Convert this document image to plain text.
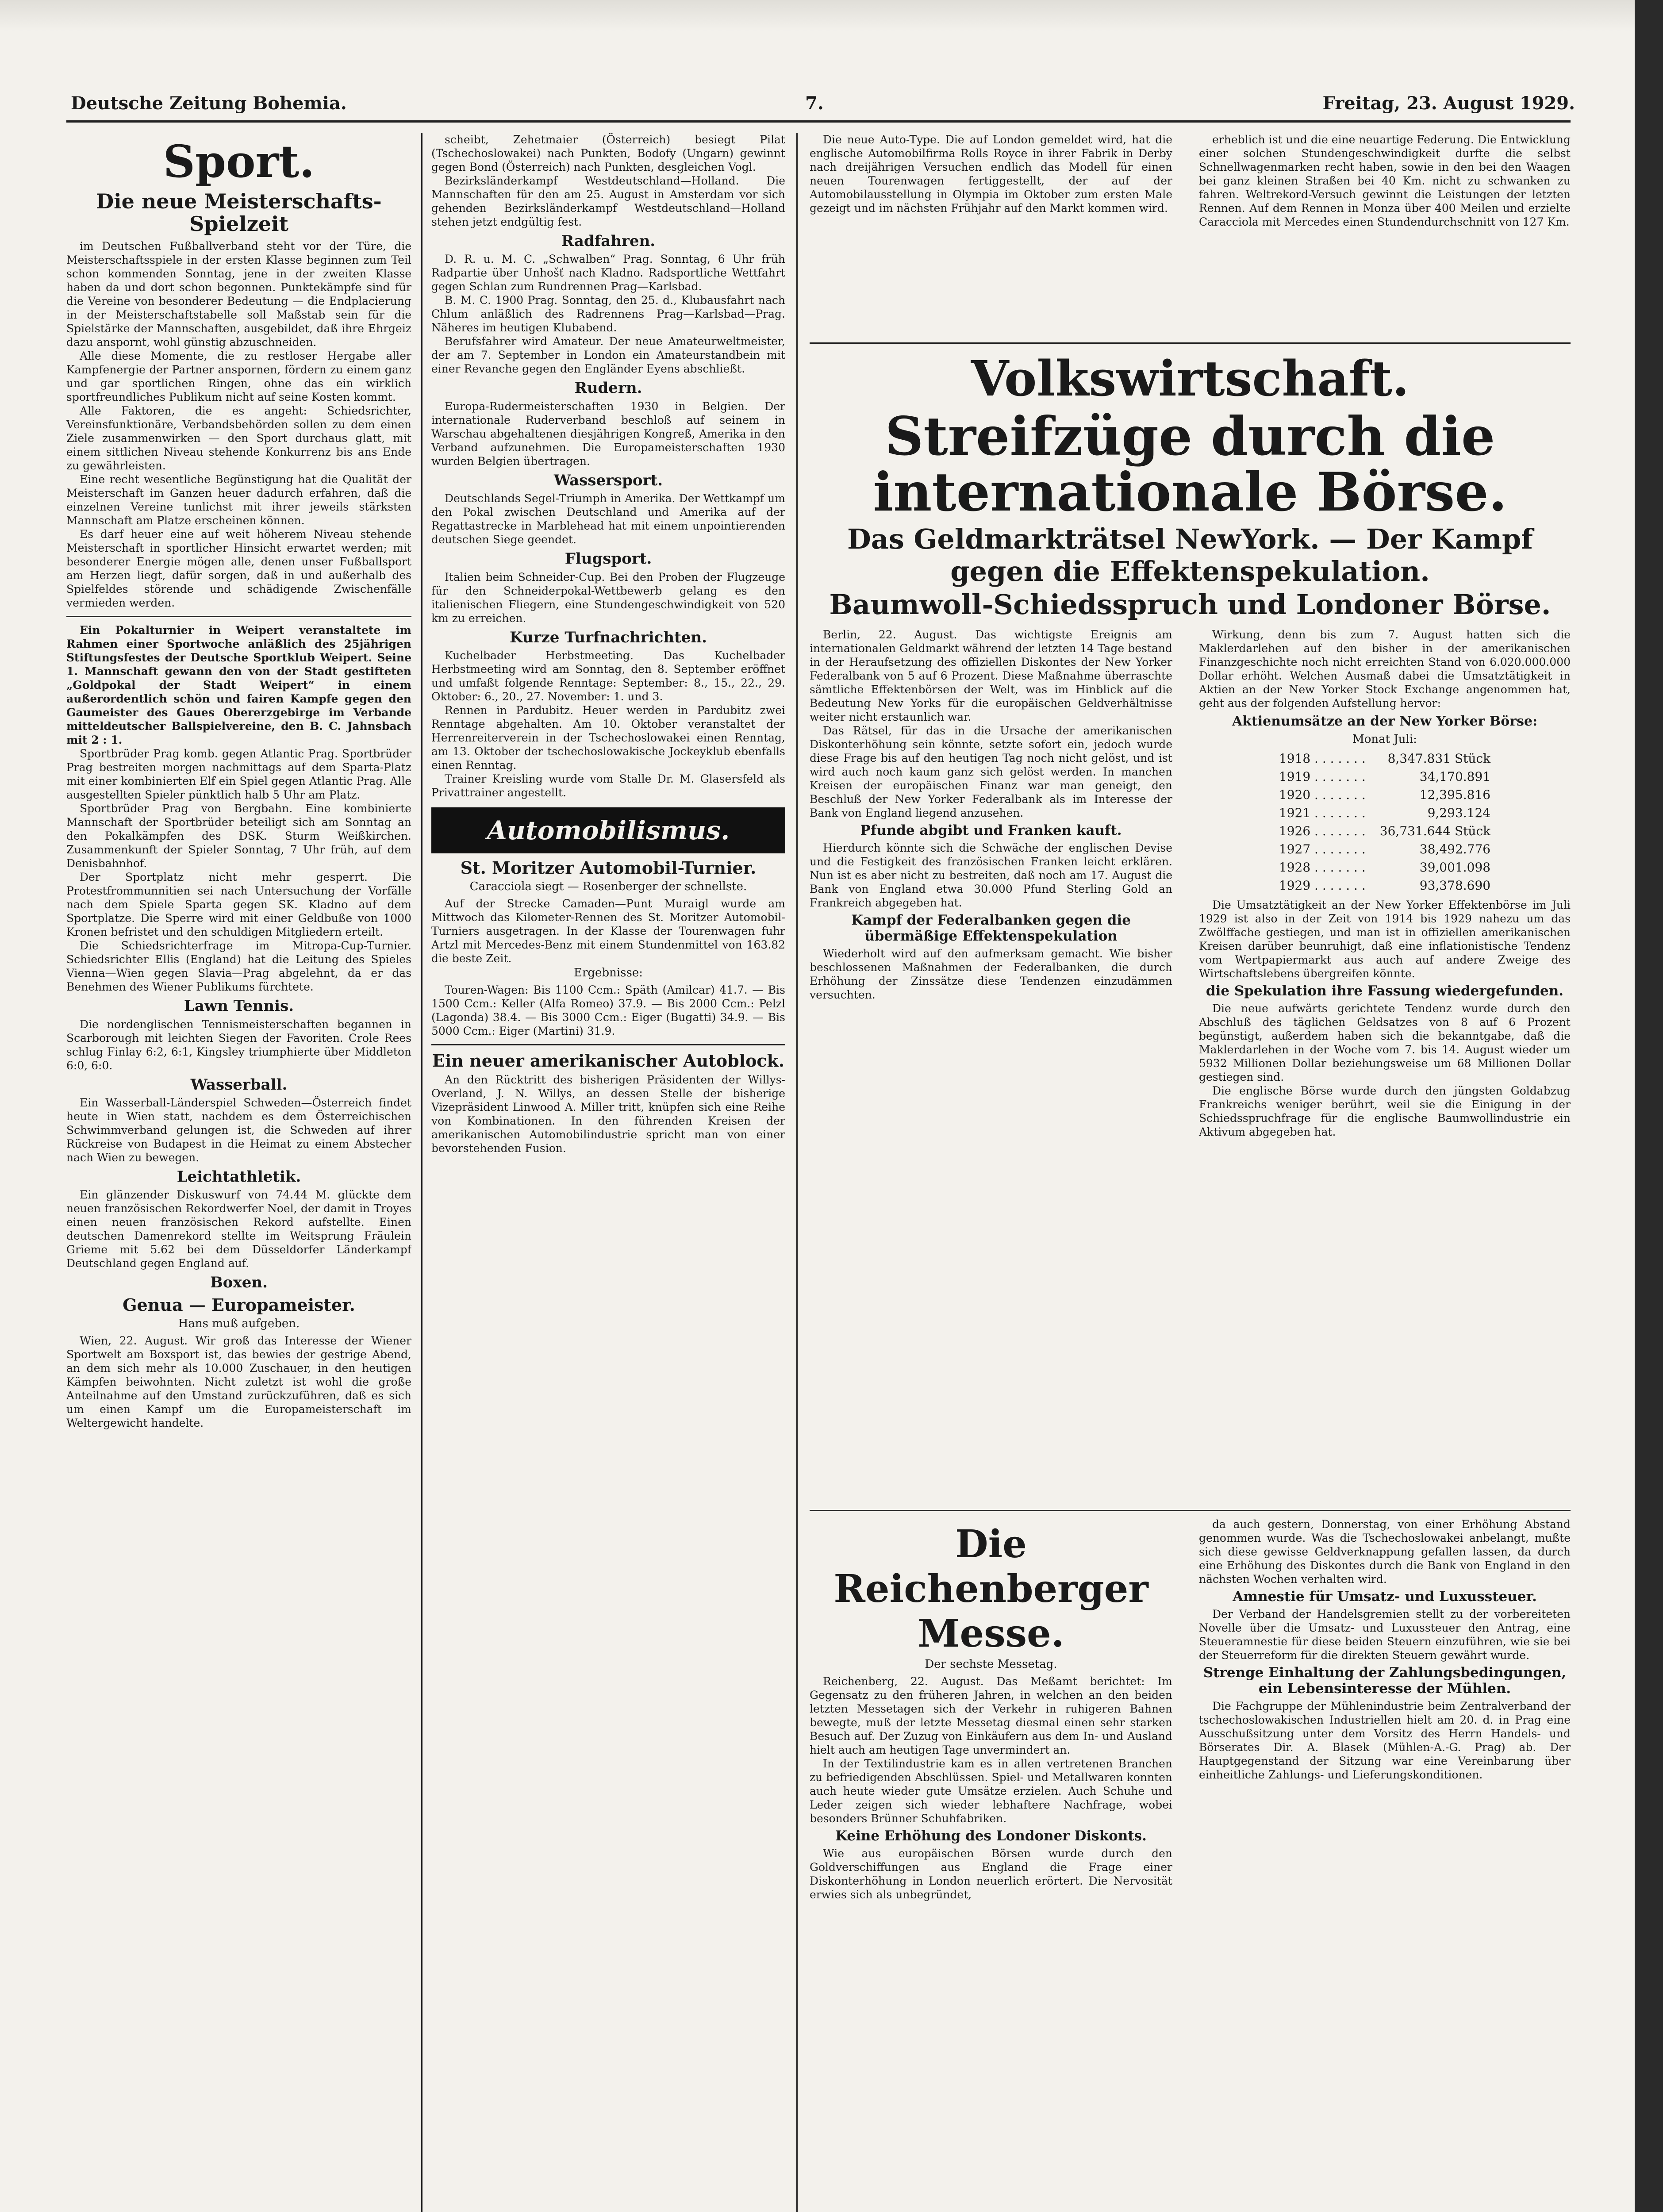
Deutsche Zeitung Bohemia.	7.	Freitag, 23. August 1929.
Sport.
Die neue Meisterschafts-Spielzeit

im Deutschen Fußballverband steht vor der Türe, die Meisterschaftsspiele in der ersten Klasse beginnen zum Teil schon kommenden Sonntag, jene in der zweiten Klasse haben da und dort schon begonnen. Punktekämpfe sind für die Vereine von besonderer Bedeutung — die Endplacierung in der Meisterschaftstabelle soll Maßstab sein für die Spielstärke der Mannschaften, ausgebildet, daß ihre Ehrgeiz dazu anspornt, wohl günstig abzuschneiden.

Alle diese Momente, die zu restloser Hergabe aller Kampfenergie der Partner anspornen, fördern zu einem ganz und gar sportlichen Ringen, ohne das ein wirklich sportfreundliches Publikum nicht auf seine Kosten kommt.

Alle Faktoren, die es angeht: Schiedsrichter, Vereinsfunktionäre, Verbandsbehörden sollen zu dem einen Ziele zusammenwirken — den Sport durchaus glatt, mit einem sittlichen Niveau stehende Konkurrenz bis ans Ende zu gewährleisten.

Eine recht wesentliche Begünstigung hat die Qualität der Meisterschaft im Ganzen heuer dadurch erfahren, daß die einzelnen Vereine tunlichst mit ihrer jeweils stärksten Mannschaft am Platze erscheinen können.

Es darf heuer eine auf weit höherem Niveau stehende Meisterschaft in sportlicher Hinsicht erwartet werden; mit besonderer Energie mögen alle, denen unser Fußballsport am Herzen liegt, dafür sorgen, daß in und außerhalb des Spielfeldes störende und schädigende Zwischenfälle vermieden werden.

Ein Pokalturnier in Weipert veranstaltete im Rahmen einer Sportwoche anläßlich des 25jährigen Stiftungsfestes der Deutsche Sportklub Weipert. Seine 1. Mannschaft gewann den von der Stadt gestifteten „Goldpokal der Stadt Weipert“ in einem außerordentlich schön und fairen Kampfe gegen den Gaumeister des Gaues Obererzgebirge im Verbande mitteldeutscher Ballspielvereine, den B. C. Jahnsbach mit 2 : 1.

Sportbrüder Prag komb. gegen Atlantic Prag. Sportbrüder Prag bestreiten morgen nachmittags auf dem Sparta-Platz mit einer kombinierten Elf ein Spiel gegen Atlantic Prag. Alle ausgestellten Spieler pünktlich halb 5 Uhr am Platz.

Sportbrüder Prag von Bergbahn. Eine kombinierte Mannschaft der Sportbrüder beteiligt sich am Sonntag an den Pokalkämpfen des DSK. Sturm Weißkirchen. Zusammenkunft der Spieler Sonntag, 7 Uhr früh, auf dem Denisbahnhof.

Der Sportplatz nicht mehr gesperrt. Die Protestfrommunnitien sei nach Untersuchung der Vorfälle nach dem Spiele Sparta gegen SK. Kladno auf dem Sportplatze. Die Sperre wird mit einer Geldbuße von 1000 Kronen befristet und den schuldigen Mitgliedern erteilt.

Die Schiedsrichterfrage im Mitropa-Cup-Turnier. Schiedsrichter Ellis (England) hat die Leitung des Spieles Vienna—Wien gegen Slavia—Prag abgelehnt, da er das Benehmen des Wiener Publikums fürchtete.

Lawn Tennis.

Die nordenglischen Tennismeisterschaften begannen in Scarborough mit leichten Siegen der Favoriten. Crole Rees schlug Finlay 6:2, 6:1, Kingsley triumphierte über Middleton 6:0, 6:0.

Wasserball.

Ein Wasserball-Länderspiel Schweden—Österreich findet heute in Wien statt, nachdem es dem Österreichischen Schwimmverband gelungen ist, die Schweden auf ihrer Rückreise von Budapest in die Heimat zu einem Abstecher nach Wien zu bewegen.

Leichtathletik.

Ein glänzender Diskuswurf von 74.44 M. glückte dem neuen französischen Rekordwerfer Noel, der damit in Troyes einen neuen französischen Rekord aufstellte. Einen deutschen Damenrekord stellte im Weitsprung Fräulein Grieme mit 5.62 bei dem Düsseldorfer Länderkampf Deutschland gegen England auf.

Boxen.
Genua — Europameister.
Hans muß aufgeben.

Wien, 22. August. Wir groß das Interesse der Wiener Sportwelt am Boxsport ist, das bewies der gestrige Abend, an dem sich mehr als 10.000 Zuschauer, in den heutigen Kämpfen beiwohnten. Nicht zuletzt ist wohl die große Anteilnahme auf den Umstand zurückzuführen, daß es sich um einen Kampf um die Europameisterschaft im Weltergewicht handelte.

scheibt, Zehetmaier (Österreich) besiegt Pilat (Tschechoslowakei) nach Punkten, Bodofy (Ungarn) gewinnt gegen Bond (Österreich) nach Punkten, desgleichen Vogl.

Bezirksländerkampf Westdeutschland—Holland. Die Mannschaften für den am 25. August in Amsterdam vor sich gehenden Bezirksländerkampf Westdeutschland—Holland stehen jetzt endgültig fest.

Radfahren.

D. R. u. M. C. „Schwalben“ Prag. Sonntag, 6 Uhr früh Radpartie über Unhošť nach Kladno. Radsportliche Wettfahrt gegen Schlan zum Rundrennen Prag—Karlsbad.

B. M. C. 1900 Prag. Sonntag, den 25. d., Klubausfahrt nach Chlum anläßlich des Radrennens Prag—Karlsbad—Prag. Näheres im heutigen Klubabend.

Berufsfahrer wird Amateur. Der neue Amateurweltmeister, der am 7. September in London ein Amateurstandbein mit einer Revanche gegen den Engländer Eyens abschließt.

Rudern.

Europa-Rudermeisterschaften 1930 in Belgien. Der internationale Ruderverband beschloß auf seinem in Warschau abgehaltenen diesjährigen Kongreß, Amerika in den Verband aufzunehmen. Die Europameisterschaften 1930 wurden Belgien übertragen.

Wassersport.

Deutschlands Segel-Triumph in Amerika. Der Wettkampf um den Pokal zwischen Deutschland und Amerika auf der Regattastrecke in Marblehead hat mit einem unpointierenden deutschen Siege geendet.

Flugsport.

Italien beim Schneider-Cup. Bei den Proben der Flugzeuge für den Schneiderpokal-Wettbewerb gelang es den italienischen Fliegern, eine Stundengeschwindigkeit von 520 km zu erreichen.

Kurze Turfnachrichten.

Kuchelbader Herbstmeeting. Das Kuchelbader Herbstmeeting wird am Sonntag, den 8. September eröffnet und umfaßt folgende Renntage: September: 8., 15., 22., 29. Oktober: 6., 20., 27. November: 1. und 3.

Rennen in Pardubitz. Heuer werden in Pardubitz zwei Renntage abgehalten. Am 10. Oktober veranstaltet der Herrenreiterverein in der Tschechoslowakei einen Renntag, am 13. Oktober der tschechoslowakische Jockeyklub ebenfalls einen Renntag.

Trainer Kreisling wurde vom Stalle Dr. M. Glasersfeld als Privattrainer angestellt.

Automobilismus.
St. Moritzer Automobil-Turnier.
Caracciola siegt — Rosenberger der schnellste.

Auf der Strecke Camaden—Punt Muraigl wurde am Mittwoch das Kilometer-Rennen des St. Moritzer Automobil-Turniers ausgetragen. In der Klasse der Tourenwagen fuhr Artzl mit Mercedes-Benz mit einem Stundenmittel von 163.82 die beste Zeit.

Ergebnisse:

Touren-Wagen: Bis 1100 Ccm.: Späth (Amilcar) 41.7. — Bis 1500 Ccm.: Keller (Alfa Romeo) 37.9. — Bis 2000 Ccm.: Pelzl (Lagonda) 38.4. — Bis 3000 Ccm.: Eiger (Bugatti) 34.9. — Bis 5000 Ccm.: Eiger (Martini) 31.9.

Ein neuer amerikanischer Autoblock.

An den Rücktritt des bisherigen Präsidenten der Willys-Overland, J. N. Willys, an dessen Stelle der bisherige Vizepräsident Linwood A. Miller tritt, knüpfen sich eine Reihe von Kombinationen. In den führenden Kreisen der amerikanischen Automobilindustrie spricht man von einer bevorstehenden Fusion.

Die neue Auto-Type. Die auf London gemeldet wird, hat die englische Automobilfirma Rolls Royce in ihrer Fabrik in Derby nach dreijährigen Versuchen endlich das Modell für einen neuen Tourenwagen fertiggestellt, der auf der Automobilausstellung in Olympia im Oktober zum ersten Male gezeigt und im nächsten Frühjahr auf den Markt kommen wird.

erheblich ist und die eine neuartige Federung. Die Entwicklung einer solchen Stundengeschwindigkeit durfte die selbst Schnellwagenmarken recht haben, sowie in den bei den Waagen bei ganz kleinen Straßen bei 40 Km. nicht zu schwanken zu fahren. Weltrekord-Versuch gewinnt die Leistungen der letzten Rennen. Auf dem Rennen in Monza über 400 Meilen und erzielte Caracciola mit Mercedes einen Stundendurchschnitt von 127 Km.

Volkswirtschaft.
Streifzüge durch die internationale Börse.
Das Geldmarkträtsel NewYork. — Der Kampf gegen die Effektenspekulation.
Baumwoll-Schiedsspruch und Londoner Börse.

Berlin, 22. August. Das wichtigste Ereignis am internationalen Geldmarkt während der letzten 14 Tage bestand in der Heraufsetzung des offiziellen Diskontes der New Yorker Federalbank von 5 auf 6 Prozent. Diese Maßnahme überraschte sämtliche Effektenbörsen der Welt, was im Hinblick auf die Bedeutung New Yorks für die europäischen Geldverhältnisse weiter nicht erstaunlich war.

Das Rätsel, für das in die Ursache der amerikanischen Diskonterhöhung sein könnte, setzte sofort ein, jedoch wurde diese Frage bis auf den heutigen Tag noch nicht gelöst, und ist wird auch noch kaum ganz sich gelöst werden. In manchen Kreisen der europäischen Finanz war man geneigt, den Beschluß der New Yorker Federalbank als im Interesse der Bank von England liegend anzusehen.

Pfunde abgibt und Franken kauft.

Hierdurch könnte sich die Schwäche der englischen Devise und die Festigkeit des französischen Franken leicht erklären. Nun ist es aber nicht zu bestreiten, daß noch am 17. August die Bank von England etwa 30.000 Pfund Sterling Gold an Frankreich abgegeben hat.

Kampf der Federalbanken gegen die übermäßige Effektenspekulation

Wiederholt wird auf den aufmerksam gemacht. Wie bisher beschlossenen Maßnahmen der Federalbanken, die durch Erhöhung der Zinssätze diese Tendenzen einzudämmen versuchten.

Wirkung, denn bis zum 7. August hatten sich die Maklerdarlehen auf den bisher in der amerikanischen Finanzgeschichte noch nicht erreichten Stand von 6.020.000.000 Dollar erhöht. Welchen Ausmaß dabei die Umsatztätigkeit in Aktien an der New Yorker Stock Exchange angenommen hat, geht aus der folgenden Aufstellung hervor:

Aktienumsätze an der New Yorker Börse:
Monat Juli:
1918 . . . . . . .	8,347.831 Stück
1919 . . . . . . .	34,170.891
1920 . . . . . . .	12,395.816
1921 . . . . . . .	9,293.124
1926 . . . . . . .	36,731.644 Stück
1927 . . . . . . .	38,492.776
1928 . . . . . . .	39,001.098
1929 . . . . . . .	93,378.690

Die Umsatztätigkeit an der New Yorker Effektenbörse im Juli 1929 ist also in der Zeit von 1914 bis 1929 nahezu um das Zwölffache gestiegen, und man ist in offiziellen amerikanischen Kreisen darüber beunruhigt, daß eine inflationistische Tendenz vom Wertpapiermarkt aus auch auf andere Zweige des Wirtschaftslebens übergreifen könnte.

die Spekulation ihre Fassung wiedergefunden.

Die neue aufwärts gerichtete Tendenz wurde durch den Abschluß des täglichen Geldsatzes von 8 auf 6 Prozent begünstigt, außerdem haben sich die bekanntgabe, daß die Maklerdarlehen in der Woche vom 7. bis 14. August wieder um 5932 Millionen Dollar beziehungsweise um 68 Millionen Dollar gestiegen sind.

Die englische Börse wurde durch den jüngsten Goldabzug Frankreichs weniger berührt, weil sie die Einigung in der Schiedsspruchfrage für die englische Baumwollindustrie ein Aktivum abgegeben hat.

Die Reichenberger Messe.
Der sechste Messetag.

Reichenberg, 22. August. Das Meßamt berichtet: Im Gegensatz zu den früheren Jahren, in welchen an den beiden letzten Messetagen sich der Verkehr in ruhigeren Bahnen bewegte, muß der letzte Messetag diesmal einen sehr starken Besuch auf. Der Zuzug von Einkäufern aus dem In- und Ausland hielt auch am heutigen Tage unvermindert an.

In der Textilindustrie kam es in allen vertretenen Branchen zu befriedigenden Abschlüssen. Spiel- und Metallwaren konnten auch heute wieder gute Umsätze erzielen. Auch Schuhe und Leder zeigen sich wieder lebhaftere Nachfrage, wobei besonders Brünner Schuhfabriken.

Keine Erhöhung des Londoner Diskonts.

Wie aus europäischen Börsen wurde durch den Goldverschiffungen aus England die Frage einer Diskonterhöhung in London neuerlich erörtert. Die Nervosität erwies sich als unbegründet,

da auch gestern, Donnerstag, von einer Erhöhung Abstand genommen wurde. Was die Tschechoslowakei anbelangt, mußte sich diese gewisse Geldverknappung gefallen lassen, da durch eine Erhöhung des Diskontes durch die Bank von England in den nächsten Wochen verhalten wird.

Amnestie für Umsatz- und Luxussteuer.

Der Verband der Handelsgremien stellt zu der vorbereiteten Novelle über die Umsatz- und Luxussteuer den Antrag, eine Steueramnestie für diese beiden Steuern einzuführen, wie sie bei der Steuerreform für die direkten Steuern gewährt wurde.

Strenge Einhaltung der Zahlungsbedingungen, ein Lebensinteresse der Mühlen.

Die Fachgruppe der Mühlenindustrie beim Zentralverband der tschechoslowakischen Industriellen hielt am 20. d. in Prag eine Ausschußsitzung unter dem Vorsitz des Herrn Handels- und Börserates Dir. A. Blasek (Mühlen-A.-G. Prag) ab. Der Hauptgegenstand der Sitzung war eine Vereinbarung über einheitliche Zahlungs- und Lieferungskonditionen.
